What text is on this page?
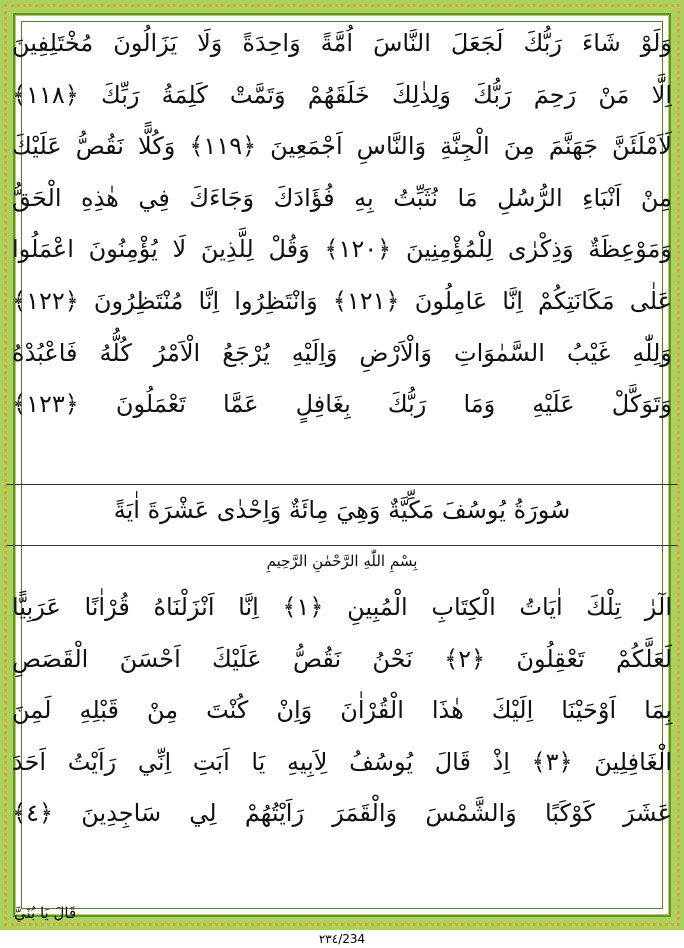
وَلَوْ شَاءَ رَبُّكَ لَجَعَلَ النَّاسَ اُمَّةً وَاحِدَةً وَلَا يَزَالُونَ مُخْتَلِفِينَ
اِلَّا مَنْ رَحِمَ رَبُّكَ وَلِذٰلِكَ خَلَقَهُمْ وَتَمَّتْ كَلِمَةُ رَبِّكَ ﴿١١٨﴾
لَاَمْلَئَنَّ جَهَنَّمَ مِنَ الْجِنَّةِ وَالنَّاسِ اَجْمَعِينَ ﴿١١٩﴾ وَكُلًّا نَقُصُّ عَلَيْكَ
مِنْ اَنْبَاءِ الرُّسُلِ مَا نُثَبِّتُ بِهِ فُؤَادَكَ وَجَاءَكَ فِي هٰذِهِ الْحَقُّ
وَمَوْعِظَةٌ وَذِكْرٰى لِلْمُؤْمِنِينَ ﴿١٢٠﴾ وَقُلْ لِلَّذِينَ لَا يُؤْمِنُونَ اعْمَلُوا
عَلٰى مَكَانَتِكُمْ اِنَّا عَامِلُونَ ﴿١٢١﴾ وَانْتَظِرُوا اِنَّا مُنْتَظِرُونَ ﴿١٢٢﴾
وَلِلّٰهِ غَيْبُ السَّمٰوَاتِ وَالْاَرْضِ وَاِلَيْهِ يُرْجَعُ الْاَمْرُ كُلُّهُ فَاعْبُدْهُ
وَتَوَكَّلْ عَلَيْهِ وَمَا رَبُّكَ بِغَافِلٍ عَمَّا تَعْمَلُونَ ﴿١٢٣﴾
سُورَةُ يُوسُفَ مَكِّيَّةٌ وَهِيَ مِائَةٌ وَاِحْدٰى عَشْرَةَ اٰيَةً
بِسْمِ اللّٰهِ الرَّحْمٰنِ الرَّحِيمِ
الٓرٰ تِلْكَ اٰيَاتُ الْكِتَابِ الْمُبِينِ ﴿١﴾ اِنَّا اَنْزَلْنَاهُ قُرْاٰنًا عَرَبِيًّا
لَعَلَّكُمْ تَعْقِلُونَ ﴿٢﴾ نَحْنُ نَقُصُّ عَلَيْكَ اَحْسَنَ الْقَصَصِ
بِمَا اَوْحَيْنَا اِلَيْكَ هٰذَا الْقُرْاٰنَ وَاِنْ كُنْتَ مِنْ قَبْلِهِ لَمِنَ
الْغَافِلِينَ ﴿٣﴾ اِذْ قَالَ يُوسُفُ لِاَبِيهِ يَا اَبَتِ اِنِّي رَاَيْتُ اَحَدَ
عَشَرَ كَوْكَبًا وَالشَّمْسَ وَالْقَمَرَ رَاَيْتُهُمْ لِي سَاجِدِينَ ﴿٤﴾
قَالَ يَا بُنَيَّ
٢٣٤/234
